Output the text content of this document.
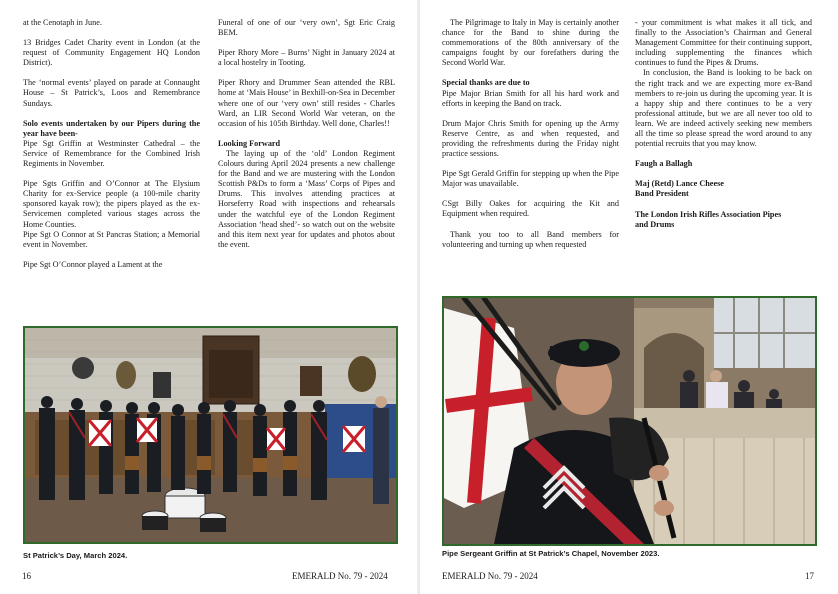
at the Cenotaph in June.

13 Bridges Cadet Charity event in London (at the request of Community Engagement HQ London District).

The ‘normal events’ played on parade at Connaught House – St Patrick’s, Loos and Remembrance Sundays.

Solo events undertaken by our Pipers during the year have been-

Pipe Sgt Griffin at Westminster Cathedral – the Service of Remembrance for the Combined Irish Regiments in November.

Pipe Sgts Griffin and O’Connor at The Elysium Charity for ex-Service people (a 100-mile charity sponsored kayak row); the pipers played as the ex-Servicemen completed various stages across the Home Counties.

Pipe Sgt O Connor at St Pancras Station; a Memorial event in November.

Pipe Sgt O’Connor played a Lament at the

Funeral of one of our ‘very own’, Sgt Eric Craig BEM.

Piper Rhory More – Burns’ Night in January 2024 at a local hostelry in Tooting.

Piper Rhory and Drummer Sean attended the RBL home at ‘Mais House’ in Bexhill-on-Sea in December where one of our ‘very own’ still resides - Charles Ward, an LIR Second World War veteran, on the occasion of his 105th Birthday. Well done, Charles!!

Looking Forward

The laying up of the ‘old’ London Regiment Colours during April 2024 presents a new challenge for the Band and we are mustering with the London Scottish P&Ds to form a ‘Mass’ Corps of Pipes and Drums. This involves attending practices at Horseferry Road with inspections and rehearsals under the watchful eye of the London Regiment Association ‘head shed’- so watch out on the website and this item next year for updates and photos about the event.

St Patrick’s Day, March 2024.
16	EMERALD No. 79 - 2024

The Pilgrimage to Italy in May is certainly another chance for the Band to shine during the commemorations of the 80th anniversary of the campaigns fought by our forefathers during the Second World War.

Special thanks are due to

Pipe Major Brian Smith for all his hard work and efforts in keeping the Band on track.

Drum Major Chris Smith for opening up the Army Reserve Centre, as and when requested, and providing the refreshments during the Friday night practice sessions.

Pipe Sgt Gerald Griffin for stepping up when the Pipe Major was unavailable.

CSgt Billy Oakes for acquiring the Kit and Equipment when required.

Thank you too to all Band members for volunteering and turning up when requested

- your commitment is what makes it all tick, and finally to the Association’s Chairman and General Management Committee for their continuing support, including supplementing the finances which continues to fund the Pipes & Drums.

In conclusion, the Band is looking to be back on the right track and we are expecting more ex-Band members to re-join us during the upcoming year. It is a happy ship and there continues to be a very professional attitude, but we are all never too old to learn. We are indeed actively seeking new members all the time so please spread the word around to any potential recruits that you may know.

Faugh a Ballagh

Maj (Retd) Lance Cheese

Band President

The London Irish Rifles Association Pipes

and Drums

Pipe Sergeant Griffin at St Patrick’s Chapel, November 2023.
EMERALD No. 79 - 2024	17
